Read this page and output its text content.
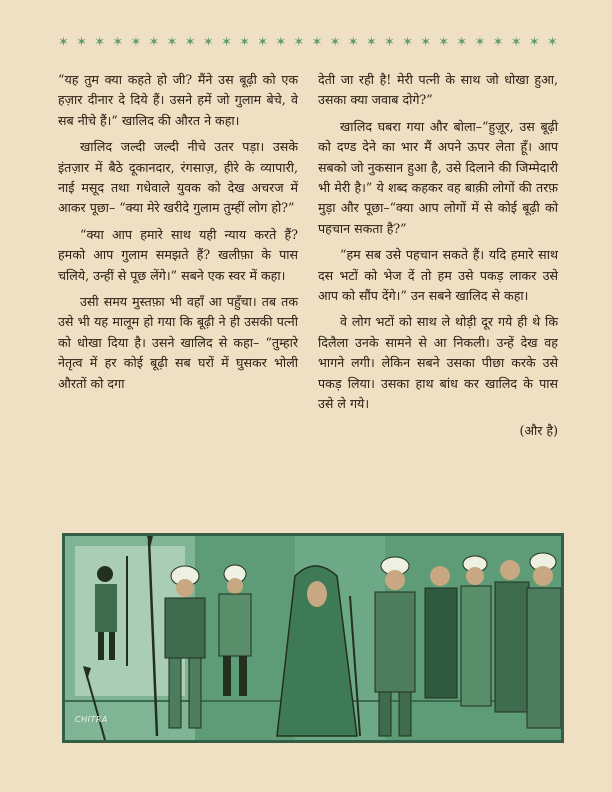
✶ ✶ ✶ ✶ ✶ ✶ ✶ ✶ ✶ ✶ ✶ ✶ ✶ ✶ ✶ ✶ ✶ ✶ ✶ ✶ ✶ ✶ ✶ ✶ ✶ ✶ ✶ ✶

“यह तुम क्या कहते हो जी? मैंने उस बूढ़ी को एक हज़ार दीनार दे दिये हैं। उसने हमें जो गुलाम बेचे, वे सब नीचे हैं।” खालिद की औरत ने कहा।

खालिद जल्दी जल्दी नीचे उतर पड़ा। उसके इंतज़ार में बैठे दूकानदार, रंगसाज़, हीरे के व्यापारी, नाई मसूद तथा गधेवाले युवक को देख अचरज में आकर पूछा– “क्या मेरे खरीदे गुलाम तुम्हीं लोग हो?”

“क्या आप हमारे साथ यही न्याय करते हैं? हमको आप गुलाम समझते हैं? खलीफ़ा के पास चलिये, उन्हीं से पूछ लेंगे।” सबने एक स्वर में कहा।

उसी समय मुस्तफ़ा भी वहाँ आ पहुँचा। तब तक उसे भी यह मालूम हो गया कि बूढ़ी ने ही उसकी पत्नी को धोखा दिया है। उसने खालिद से कहा– “तुम्हारे नेतृत्व में हर कोई बूढ़ी सब घरों में घुसकर भोली औरतों को दगा

देती जा रही है! मेरी पत्नी के साथ जो धोखा हुआ, उसका क्या जवाब दोगे?”

खालिद घबरा गया और बोला–“हुज़ूर, उस बूढ़ी को दण्ड देने का भार मैं अपने ऊपर लेता हूँ। आप सबको जो नुकसान हुआ है, उसे दिलाने की जिम्मेदारी भी मेरी है।” ये शब्द कहकर वह बाक़ी लोगों की तरफ़ मुड़ा और पूछा–“क्या आप लोगों में से कोई बूढ़ी को पहचान सकता है?”

“हम सब उसे पहचान सकते हैं। यदि हमारे साथ दस भटों को भेज दें तो हम उसे पकड़ लाकर उसे आप को सौंप देंगे।” उन सबने खालिद से कहा।

वे लोग भटों को साथ ले थोड़ी दूर गये ही थे कि दिलैला उनके सामने से आ निकली। उन्हें देख वह भागने लगी। लेकिन सबने उसका पीछा करके उसे पकड़ लिया। उसका हाथ बांध कर खालिद के पास उसे ले गये।

(और है)

CHITRA
